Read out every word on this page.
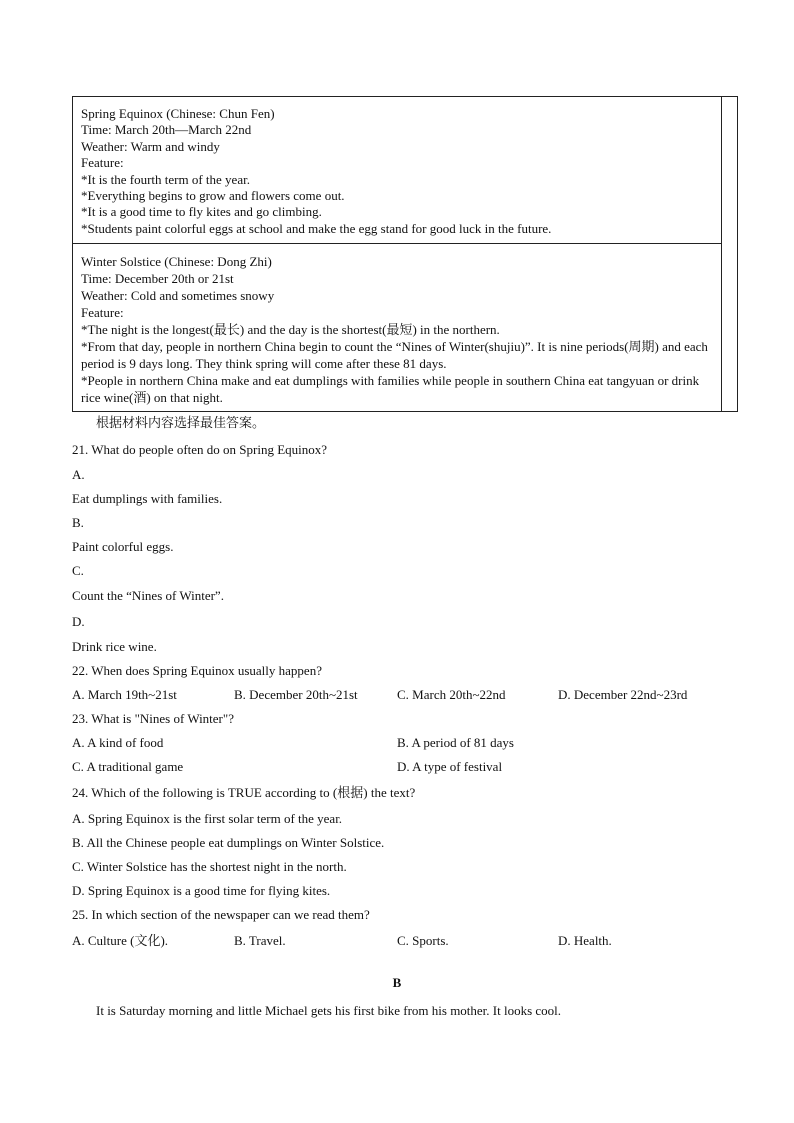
Spring Equinox (Chinese: Chun Fen)
Time: March 20th—March 22nd
Weather: Warm and windy
Feature:
*It is the fourth term of the year.
*Everything begins to grow and flowers come out.
*It is a good time to fly kites and go climbing.
*Students paint colorful eggs at school and make the egg stand for good luck in the future.
Winter Solstice (Chinese: Dong Zhi)
Time: December 20th or 21st
Weather: Cold and sometimes snowy
Feature:
*The night is the longest(最长) and the day is the shortest(最短) in the northern.
*From that day, people in northern China begin to count the “Nines of Winter(shujiu)”. It is nine periods(周期) and each period is 9 days long. They think spring will come after these 81 days.
*People in northern China make and eat dumplings with families while people in southern China eat tangyuan or drink rice wine(酒) on that night.
根据材料内容选择最佳答案。
21. What do people often do on Spring Equinox?
A.
Eat dumplings with families.
B.
Paint colorful eggs.
C.
Count the “Nines of Winter”.
D.
Drink rice wine.
22. When does Spring Equinox usually happen?
A. March 19th~21st	B. December 20th~21st	C. March 20th~22nd	D. December 22nd~23rd
23. What is "Nines of Winter"?
A. A kind of food	B. A period of 81 days
C. A traditional game	D. A type of festival
24. Which of the following is TRUE according to (根据) the text?
A. Spring Equinox is the first solar term of the year.
B. All the Chinese people eat dumplings on Winter Solstice.
C. Winter Solstice has the shortest night in the north.
D. Spring Equinox is a good time for flying kites.
25. In which section of the newspaper can we read them?
A. Culture (文化).	B. Travel.	C. Sports.	D. Health.
B
It is Saturday morning and little Michael gets his first bike from his mother. It looks cool.
